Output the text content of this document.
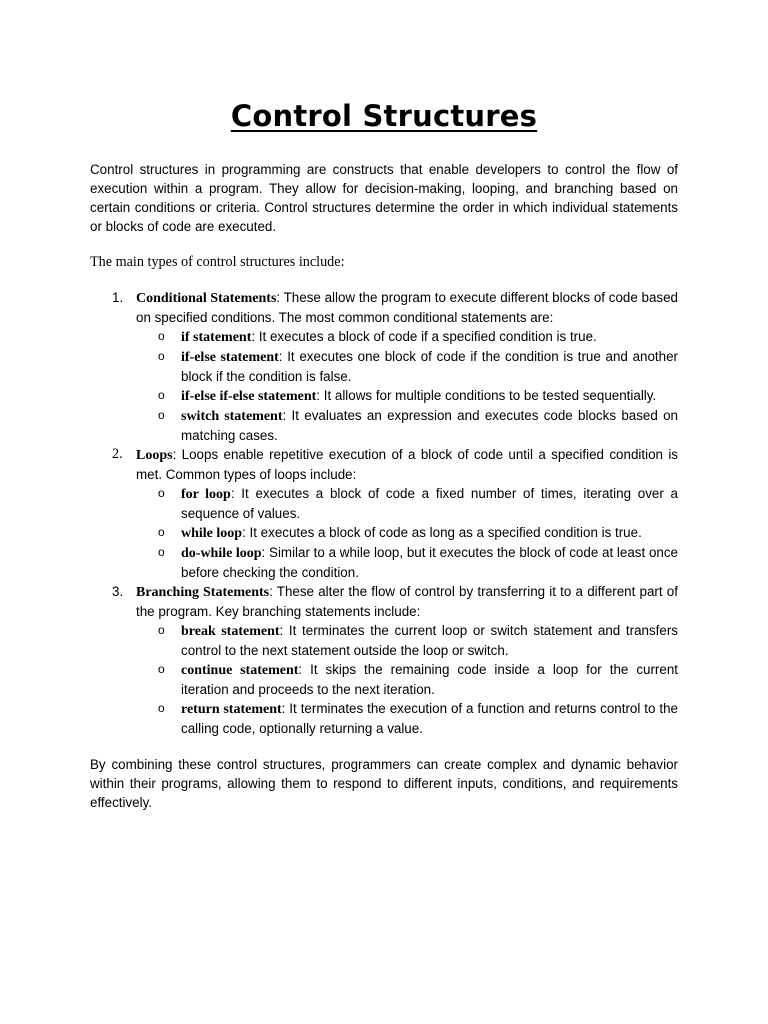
Control Structures

Control structures in programming are constructs that enable developers to control the flow of execution within a program. They allow for decision-making, looping, and branching based on certain conditions or criteria. Control structures determine the order in which individual statements or blocks of code are executed.

The main types of control structures include:

1. Conditional Statements: These allow the program to execute different blocks of code based on specified conditions. The most common conditional statements are:
o if statement: It executes a block of code if a specified condition is true.
o if-else statement: It executes one block of code if the condition is true and another block if the condition is false.
o if-else if-else statement: It allows for multiple conditions to be tested sequentially.
o switch statement: It evaluates an expression and executes code blocks based on matching cases.
2. Loops: Loops enable repetitive execution of a block of code until a specified condition is met. Common types of loops include:
o for loop: It executes a block of code a fixed number of times, iterating over a sequence of values.
o while loop: It executes a block of code as long as a specified condition is true.
o do-while loop: Similar to a while loop, but it executes the block of code at least once before checking the condition.
3. Branching Statements: These alter the flow of control by transferring it to a different part of the program. Key branching statements include:
o break statement: It terminates the current loop or switch statement and transfers control to the next statement outside the loop or switch.
o continue statement: It skips the remaining code inside a loop for the current iteration and proceeds to the next iteration.
o return statement: It terminates the execution of a function and returns control to the calling code, optionally returning a value.

By combining these control structures, programmers can create complex and dynamic behavior within their programs, allowing them to respond to different inputs, conditions, and requirements effectively.
